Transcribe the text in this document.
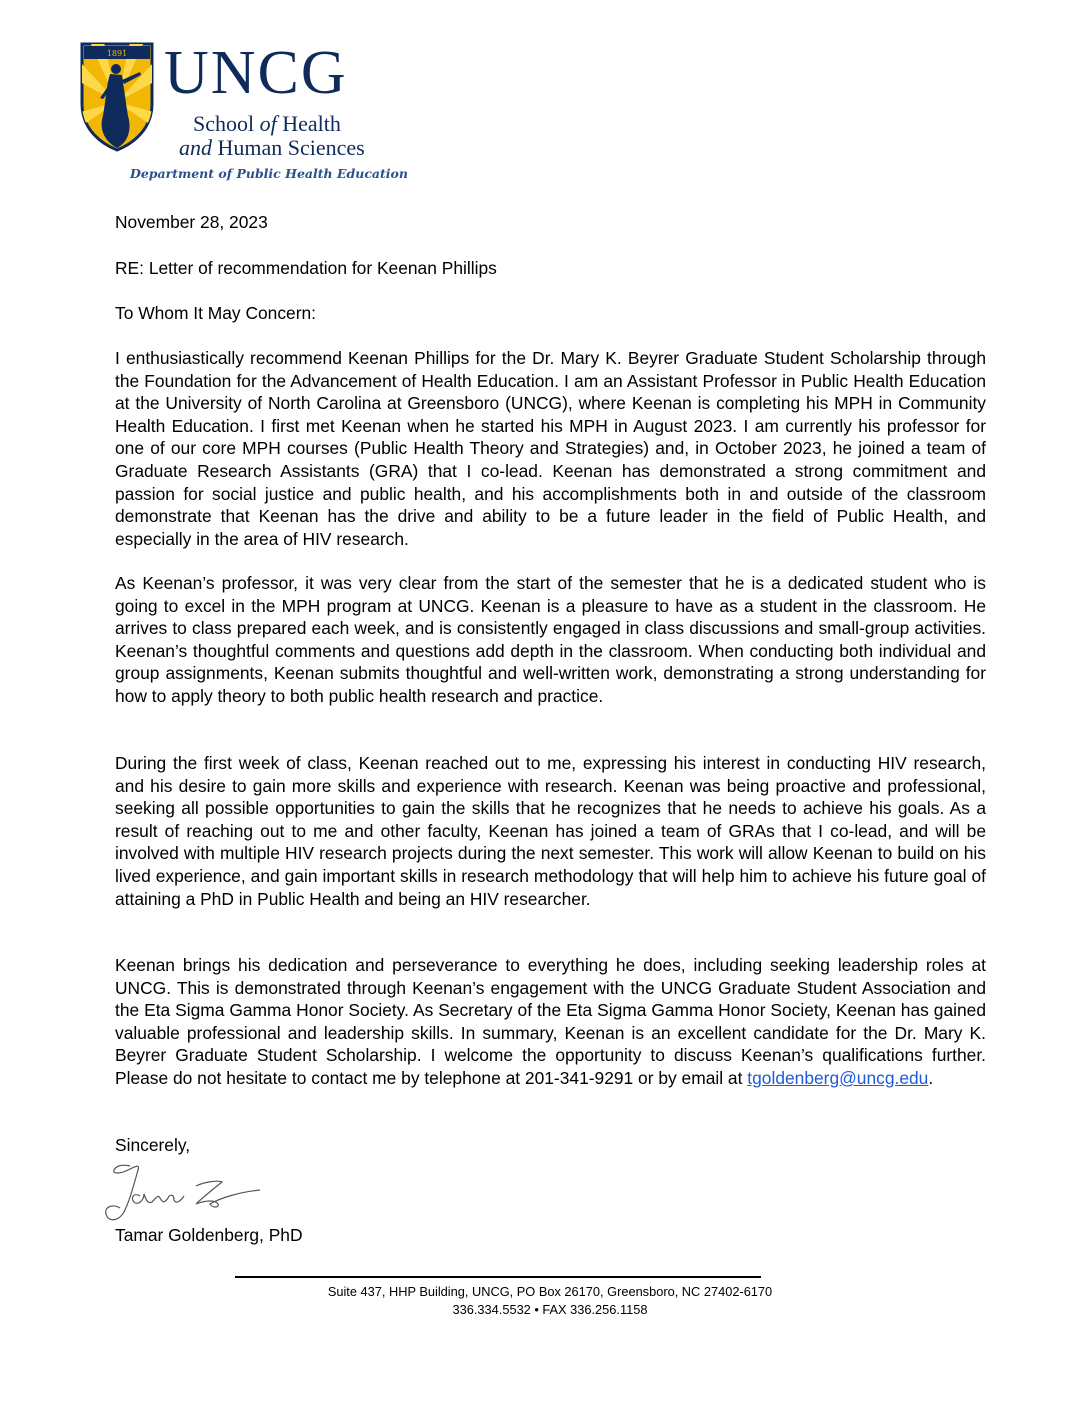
1891 UNCG
School of Health
and Human Sciences
Department of Public Health Education
November 28, 2023
RE: Letter of recommendation for Keenan Phillips
To Whom It May Concern:
I enthusiastically recommend Keenan Phillips for the Dr. Mary K. Beyrer Graduate Student Scholarship through the Foundation for the Advancement of Health Education. I am an Assistant Professor in Public Health Education at the University of North Carolina at Greensboro (UNCG), where Keenan is completing his MPH in Community Health Education. I first met Keenan when he started his MPH in August 2023. I am currently his professor for one of our core MPH courses (Public Health Theory and Strategies) and, in October 2023, he joined a team of Graduate Research Assistants (GRA) that I co-lead. Keenan has demonstrated a strong commitment and passion for social justice and public health, and his accomplishments both in and outside of the classroom demonstrate that Keenan has the drive and ability to be a future leader in the field of Public Health, and especially in the area of HIV research.
As Keenan’s professor, it was very clear from the start of the semester that he is a dedicated student who is going to excel in the MPH program at UNCG. Keenan is a pleasure to have as a student in the classroom. He arrives to class prepared each week, and is consistently engaged in class discussions and small-group activities. Keenan’s thoughtful comments and questions add depth in the classroom. When conducting both individual and group assignments, Keenan submits thoughtful and well-written work, demonstrating a strong understanding for how to apply theory to both public health research and practice.
During the first week of class, Keenan reached out to me, expressing his interest in conducting HIV research, and his desire to gain more skills and experience with research. Keenan was being proactive and professional, seeking all possible opportunities to gain the skills that he recognizes that he needs to achieve his goals. As a result of reaching out to me and other faculty, Keenan has joined a team of GRAs that I co-lead, and will be involved with multiple HIV research projects during the next semester. This work will allow Keenan to build on his lived experience, and gain important skills in research methodology that will help him to achieve his future goal of attaining a PhD in Public Health and being an HIV researcher.
Keenan brings his dedication and perseverance to everything he does, including seeking leadership roles at UNCG. This is demonstrated through Keenan’s engagement with the UNCG Graduate Student Association and the Eta Sigma Gamma Honor Society. As Secretary of the Eta Sigma Gamma Honor Society, Keenan has gained valuable professional and leadership skills. In summary, Keenan is an excellent candidate for the Dr. Mary K. Beyrer Graduate Student Scholarship. I welcome the opportunity to discuss Keenan’s qualifications further. Please do not hesitate to contact me by telephone at 201-341-9291 or by email at tgoldenberg@uncg.edu.
Sincerely,
Tamar Goldenberg, PhD
Suite 437, HHP Building, UNCG, PO Box 26170, Greensboro, NC 27402-6170
336.334.5532 • FAX 336.256.1158
